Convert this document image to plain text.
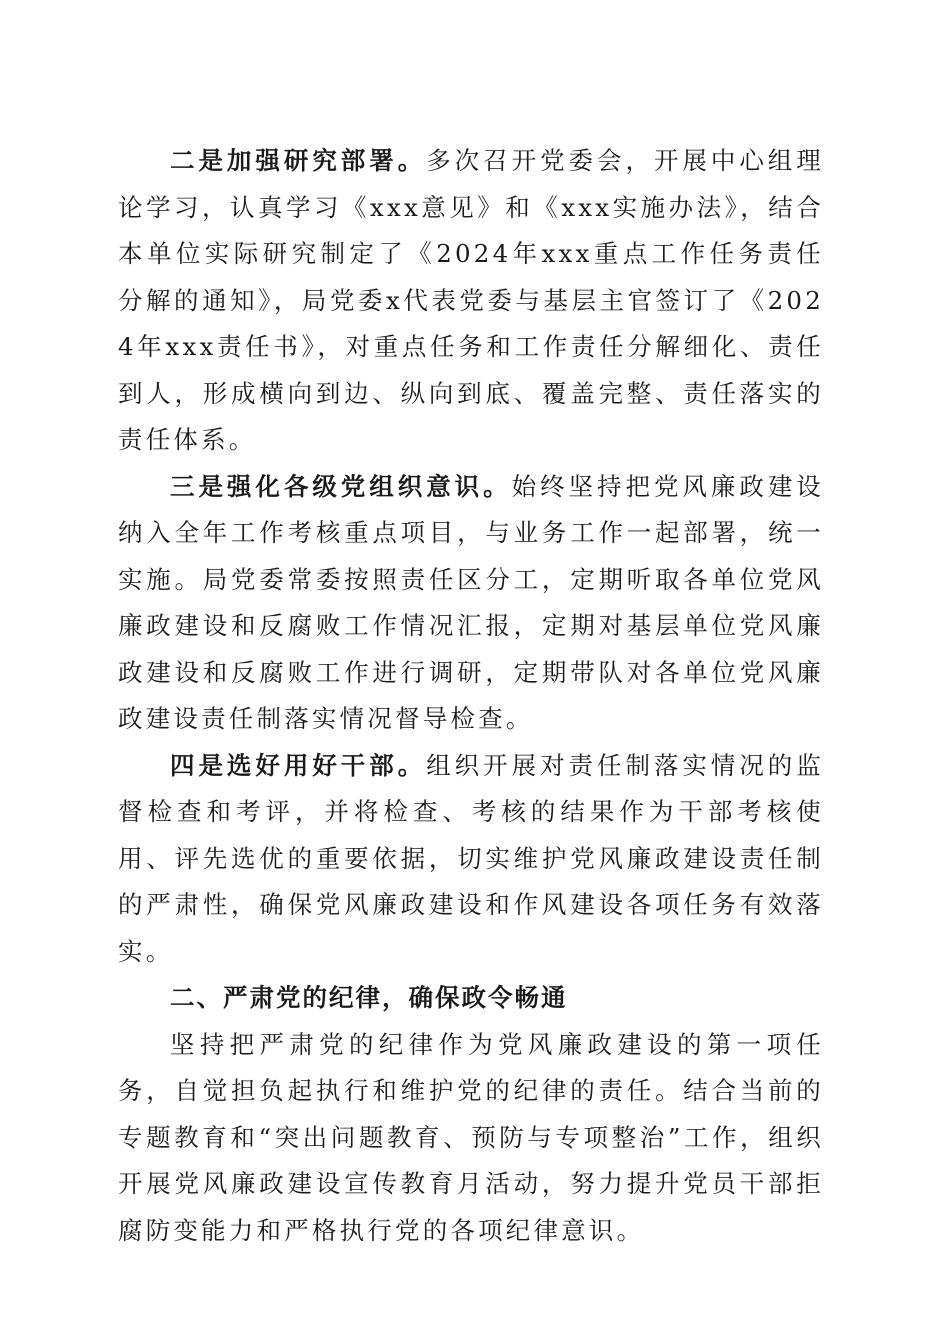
二是加强研究部署。多次召开党委会，开展中心组理论学习，认真学习《xxx意见》和《xxx实施办法》，结合本单位实际研究制定了《2024年xxx重点工作任务责任分解的通知》，局党委x代表党委与基层主官签订了《2024年xxx责任书》，对重点任务和工作责任分解细化、责任到人，形成横向到边、纵向到底、覆盖完整、责任落实的责任体系。

三是强化各级党组织意识。始终坚持把党风廉政建设纳入全年工作考核重点项目，与业务工作一起部署，统一实施。局党委常委按照责任区分工，定期听取各单位党风廉政建设和反腐败工作情况汇报，定期对基层单位党风廉政建设和反腐败工作进行调研，定期带队对各单位党风廉政建设责任制落实情况督导检查。

四是选好用好干部。组织开展对责任制落实情况的监督检查和考评，并将检查、考核的结果作为干部考核使用、评先选优的重要依据，切实维护党风廉政建设责任制的严肃性，确保党风廉政建设和作风建设各项任务有效落实。

二、严肃党的纪律，确保政令畅通

坚持把严肃党的纪律作为党风廉政建设的第一项任务，自觉担负起执行和维护党的纪律的责任。结合当前的专题教育和“突出问题教育、预防与专项整治”工作，组织开展党风廉政建设宣传教育月活动，努力提升党员干部拒腐防变能力和严格执行党的各项纪律意识。
